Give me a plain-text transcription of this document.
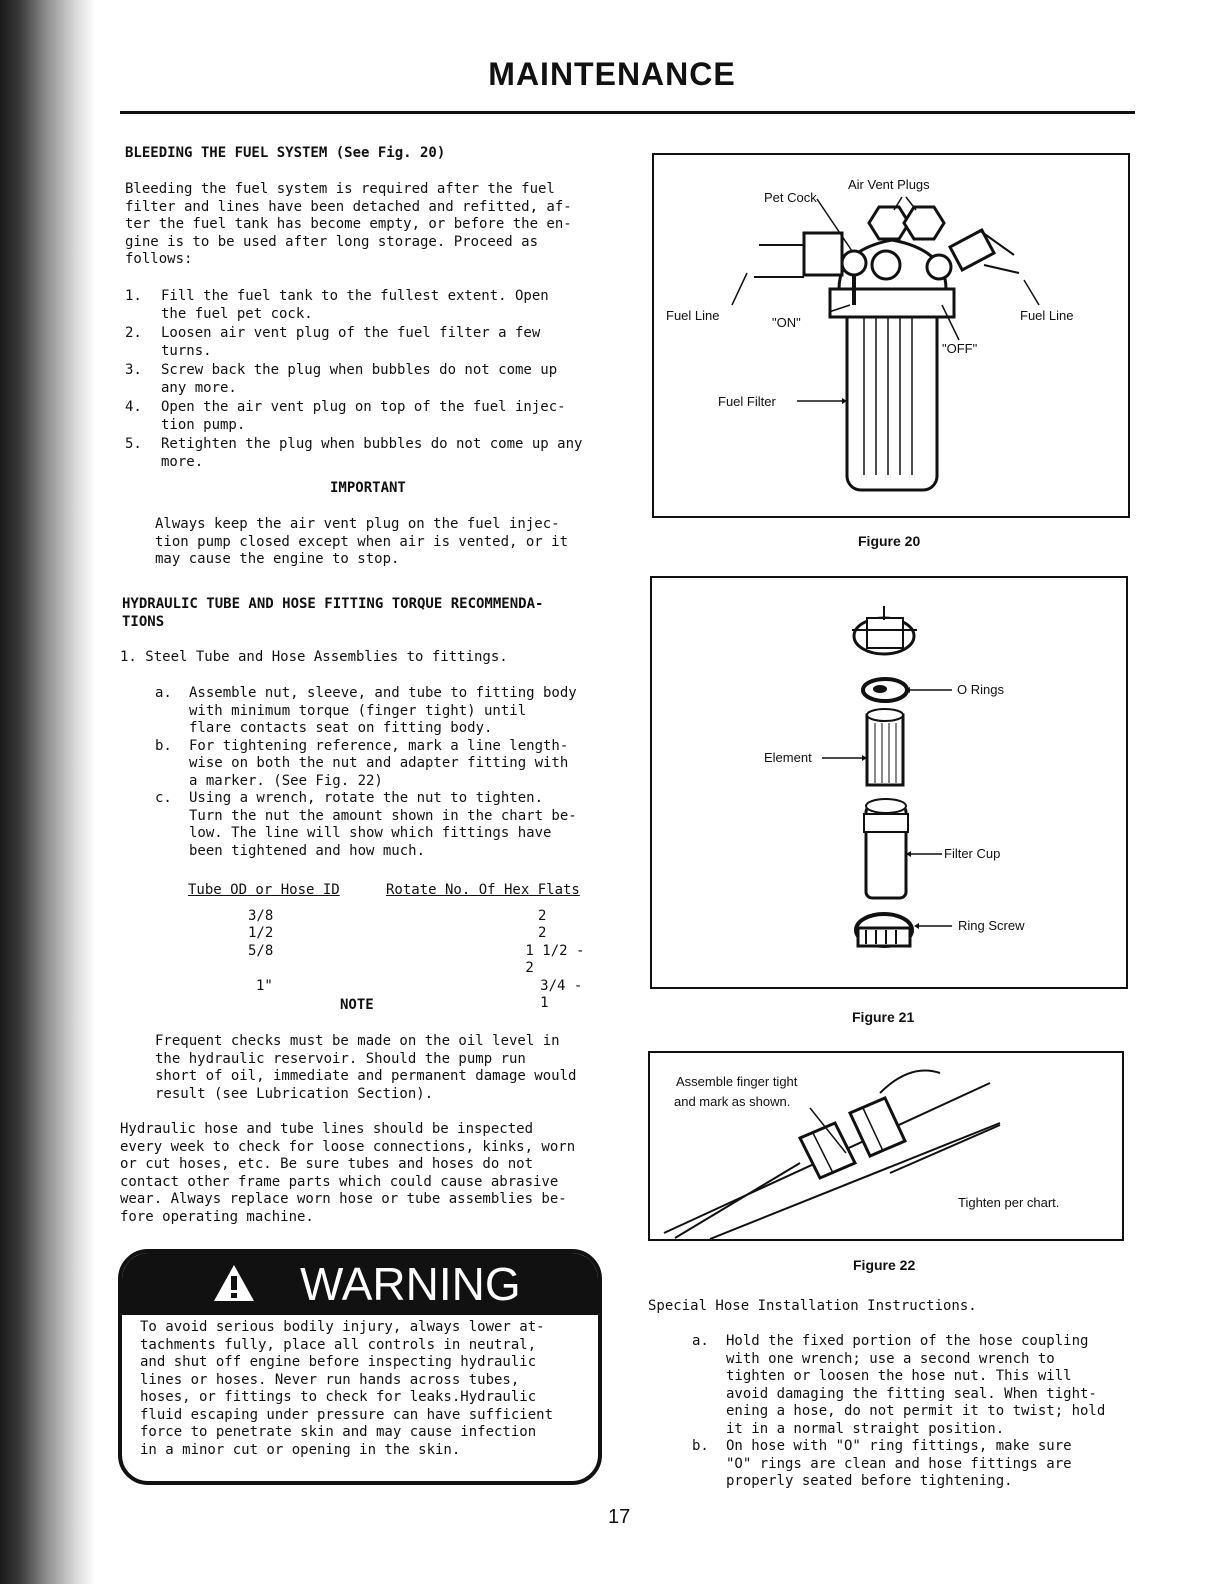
MAINTENANCE
BLEEDING THE FUEL SYSTEM (See Fig. 20)
Bleeding the fuel system is required after the fuel
filter and lines have been detached and refitted, af-
ter the fuel tank has become empty, or before the en-
gine is to be used after long storage. Proceed as
follows:
1. Fill the fuel tank to the fullest extent. Open
the fuel pet cock.
2. Loosen air vent plug of the fuel filter a few
turns.
3. Screw back the plug when bubbles do not come up
any more.
4. Open the air vent plug on top of the fuel injec-
tion pump.
5. Retighten the plug when bubbles do not come up any
more.
IMPORTANT
Always keep the air vent plug on the fuel injec-
tion pump closed except when air is vented, or it
may cause the engine to stop.
HYDRAULIC TUBE AND HOSE FITTING TORQUE RECOMMENDA-
TIONS
1. Steel Tube and Hose Assemblies to fittings.
a. Assemble nut, sleeve, and tube to fitting body
with minimum torque (finger tight) until
flare contacts seat on fitting body.
b. For tightening reference, mark a line length-
wise on both the nut and adapter fitting with
a marker. (See Fig. 22)
c. Using a wrench, rotate the nut to tighten.
Turn the nut the amount shown in the chart be-
low. The line will show which fittings have
been tightened and how much.
Tube OD or Hose ID	Rotate No. Of Hex Flats
3/8	2
1/2	2
5/8	1 1/2 - 2
1"	3/4 - 1
NOTE
Frequent checks must be made on the oil level in
the hydraulic reservoir. Should the pump run
short of oil, immediate and permanent damage would
result (see Lubrication Section).
Hydraulic hose and tube lines should be inspected
every week to check for loose connections, kinks, worn
or cut hoses, etc. Be sure tubes and hoses do not
contact other frame parts which could cause abrasive
wear. Always replace worn hose or tube assemblies be-
fore operating machine.
WARNING
To avoid serious bodily injury, always lower at-
tachments fully, place all controls in neutral,
and shut off engine before inspecting hydraulic
lines or hoses. Never run hands across tubes,
hoses, or fittings to check for leaks.Hydraulic
fluid escaping under pressure can have sufficient
force to penetrate skin and may cause infection
in a minor cut or opening in the skin.
Air Vent Plugs
Pet Cock
Fuel Line	"ON"	Fuel Line
"OFF"
Fuel Filter
Figure 20
O Rings
Element
Filter Cup
Ring Screw
Figure 21
Assemble finger tight
and mark as shown.
Tighten per chart.
Figure 22
Special Hose Installation Instructions.
a. Hold the fixed portion of the hose coupling
with one wrench; use a second wrench to
tighten or loosen the hose nut. This will
avoid damaging the fitting seal. When tight-
ening a hose, do not permit it to twist; hold
it in a normal straight position.
b. On hose with "O" ring fittings, make sure
"O" rings are clean and hose fittings are
properly seated before tightening.
17
